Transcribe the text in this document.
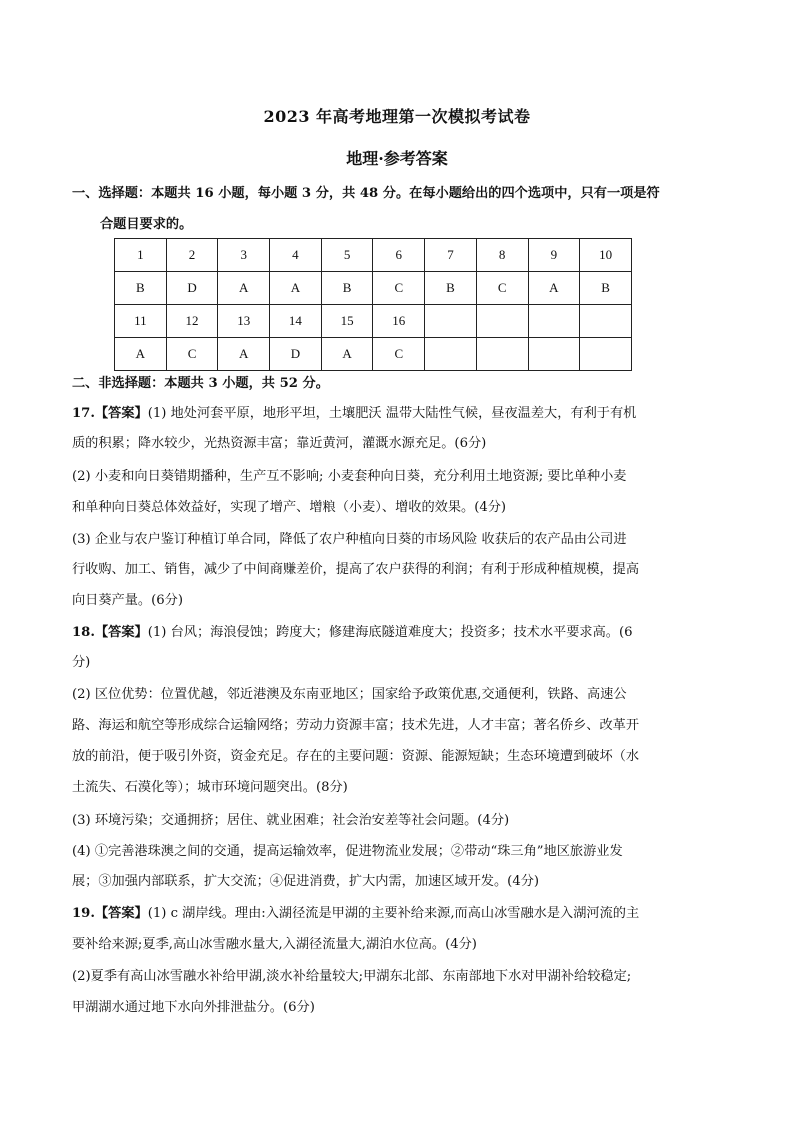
2023 年高考地理第一次模拟考试卷
地理·参考答案

一、选择题：本题共 16 小题，每小题 3 分，共 48 分。在每小题给出的四个选项中，只有一项是符

合题目要求的。

1	2	3	4	5	6	7	8	9	10
B	D	A	A	B	C	B	C	A	B
11	12	13	14	15	16				
A	C	A	D	A	C				

二、非选择题：本题共 3 小题，共 52 分。

17.【答案】(1) 地处河套平原，地形平坦，土壤肥沃 温带大陆性气候，昼夜温差大，有利于有机

质的积累；降水较少，光热资源丰富；靠近黄河，灌溉水源充足。(6分)

(2) 小麦和向日葵错期播种，生产互不影响; 小麦套种向日葵，充分利用土地资源; 要比单种小麦

和单种向日葵总体效益好，实现了增产、增粮（小麦）、增收的效果。(4分)

(3) 企业与农户鉴订种植订单合同，降低了农户种植向日葵的市场风险 收获后的农产品由公司进

行收购、加工、销售，减少了中间商赚差价，提高了农户获得的利润；有利于形成种植规模，提高

向日葵产量。(6分)

18.【答案】(1) 台风；海浪侵蚀；跨度大；修建海底隧道难度大；投资多；技术水平要求高。(6

分)

(2) 区位优势：位置优越，邻近港澳及东南亚地区；国家给予政策优惠,交通便利，铁路、高速公

路、海运和航空等形成综合运输网络；劳动力资源丰富；技术先进，人才丰富；著名侨乡、改革开

放的前沿，便于吸引外资，资金充足。存在的主要问题：资源、能源短缺；生态环境遭到破坏（水

土流失、石漠化等）；城市环境问题突出。(8分)

(3) 环境污染；交通拥挤；居住、就业困难；社会治安差等社会问题。(4分)

(4) ①完善港珠澳之间的交通，提高运输效率，促进物流业发展；②带动“珠三角”地区旅游业发

展；③加强内部联系，扩大交流；④促进消费，扩大内需，加速区域开发。(4分)

19.【答案】(1) c 湖岸线。理由:入湖径流是甲湖的主要补给来源,而高山冰雪融水是入湖河流的主

要补给来源;夏季,高山冰雪融水量大,入湖径流量大,湖泊水位高。(4分)

(2)夏季有高山冰雪融水补给甲湖,淡水补给量较大;甲湖东北部、东南部地下水对甲湖补给较稳定;

甲湖湖水通过地下水向外排泄盐分。(6分)
